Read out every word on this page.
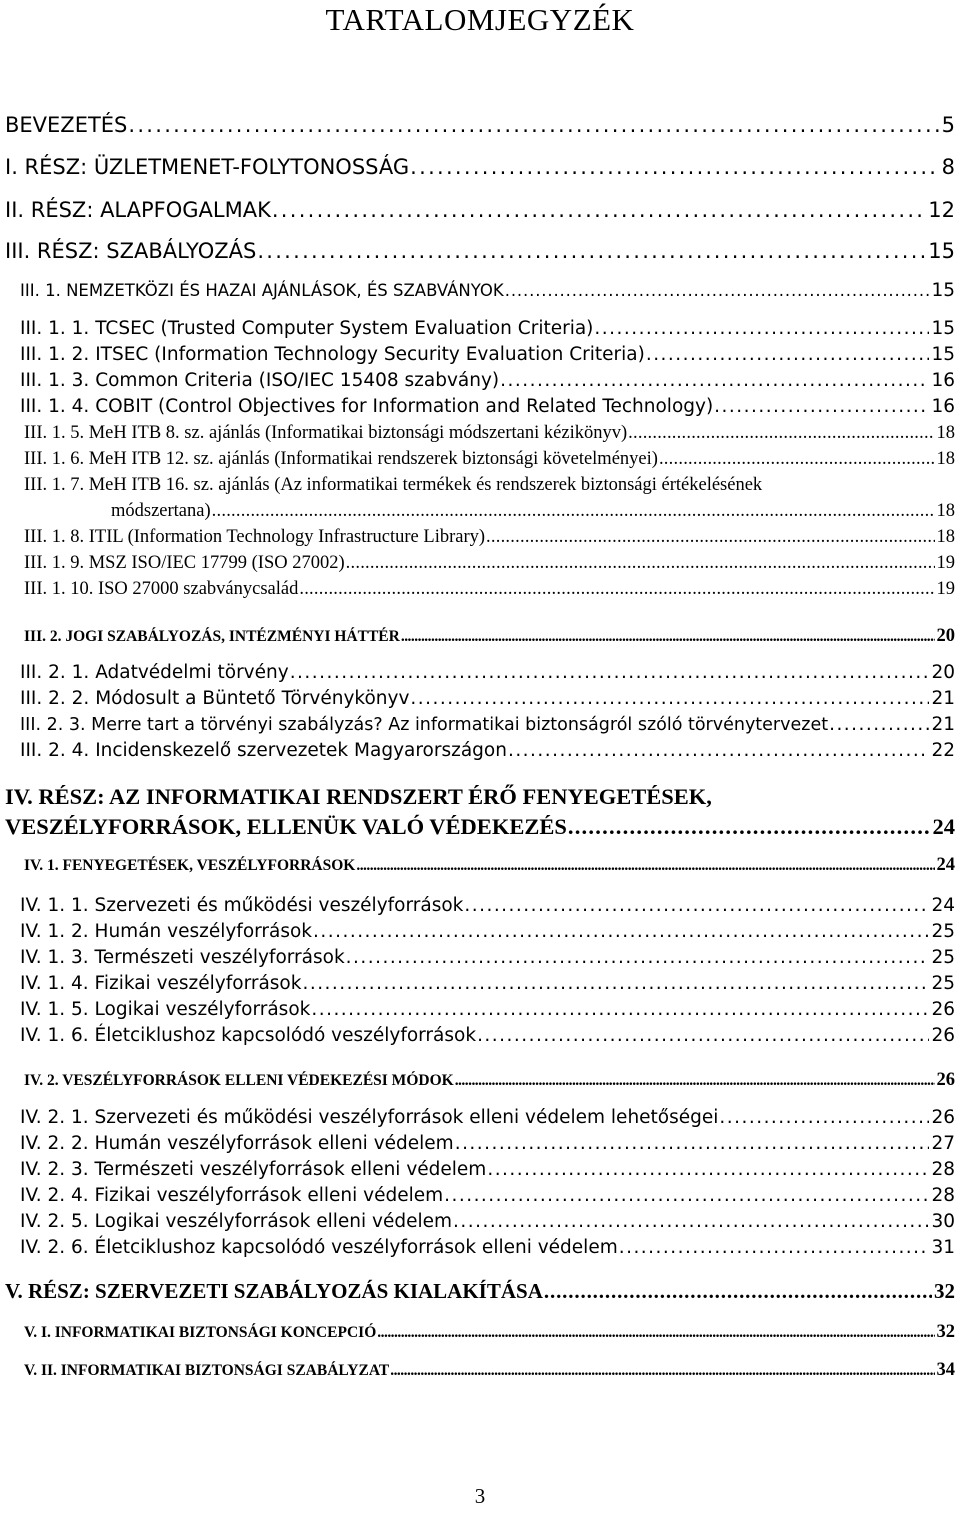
TARTALOMJEGYZÉK
BEVEZETÉS . . .	5
I. RÉSZ: ÜZLETMENET-FOLYTONOSSÁG . . .	8
II. RÉSZ: ALAPFOGALMAK . . .	12
III. RÉSZ: SZABÁLYOZÁS . . .	15
III. 1. NEMZETKÖZI ÉS HAZAI AJÁNLÁSOK, ÉS SZABVÁNYOK . . .	15
III. 1. 1. TCSEC (Trusted Computer System Evaluation Criteria) . . .	15
III. 1. 2. ITSEC (Information Technology Security Evaluation Criteria) . . .	15
III. 1. 3. Common Criteria (ISO/IEC 15408 szabvány) . . .	16
III. 1. 4. COBIT (Control Objectives for Information and Related Technology) . . .	16
III. 1. 5. MeH ITB 8. sz. ajánlás (Informatikai biztonsági módszertani kézikönyv) . . .	18
III. 1. 6. MeH ITB 12. sz. ajánlás (Informatikai rendszerek biztonsági követelményei) . . .	18
III. 1. 7. MeH ITB 16. sz. ajánlás (Az informatikai termékek és rendszerek biztonsági értékelésének
módszertana) . . .	18
III. 1. 8. ITIL (Information Technology Infrastructure Library) . . .	18
III. 1. 9. MSZ ISO/IEC 17799 (ISO 27002) . . .	19
III. 1. 10. ISO 27000 szabványcsalád . . .	19
III. 2. JOGI SZABÁLYOZÁS, INTÉZMÉNYI HÁTTÉR . . .	20
III. 2. 1. Adatvédelmi törvény . . .	20
III. 2. 2. Módosult a Büntető Törvénykönyv . . .	21
III. 2. 3. Merre tart a törvényi szabályzás? Az informatikai biztonságról szóló törvénytervezet . . .	21
III. 2. 4. Incidenskezelő szervezetek Magyarországon . . .	22
IV. RÉSZ: AZ INFORMATIKAI RENDSZERT ÉRŐ FENYEGETÉSEK,
VESZÉLYFORRÁSOK, ELLENÜK VALÓ VÉDEKEZÉS . . .	24
IV. 1. FENYEGETÉSEK, VESZÉLYFORRÁSOK . . .	24
IV. 1. 1. Szervezeti és működési veszélyforrások . . .	24
IV. 1. 2. Humán veszélyforrások . . .	25
IV. 1. 3. Természeti veszélyforrások . . .	25
IV. 1. 4. Fizikai veszélyforrások . . .	25
IV. 1. 5. Logikai veszélyforrások . . .	26
IV. 1. 6. Életciklushoz kapcsolódó veszélyforrások . . .	26
IV. 2. VESZÉLYFORRÁSOK ELLENI VÉDEKEZÉSI MÓDOK . . .	26
IV. 2. 1. Szervezeti és működési veszélyforrások elleni védelem lehetőségei . . .	26
IV. 2. 2. Humán veszélyforrások elleni védelem . . .	27
IV. 2. 3. Természeti veszélyforrások elleni védelem . . .	28
IV. 2. 4. Fizikai veszélyforrások elleni védelem . . .	28
IV. 2. 5. Logikai veszélyforrások elleni védelem . . .	30
IV. 2. 6. Életciklushoz kapcsolódó veszélyforrások elleni védelem . . .	31
V. RÉSZ: SZERVEZETI SZABÁLYOZÁS KIALAKÍTÁSA . . .	32
V. I. INFORMATIKAI BIZTONSÁGI KONCEPCIÓ . . .	32
V. II. INFORMATIKAI BIZTONSÁGI SZABÁLYZAT . . .	34
3
